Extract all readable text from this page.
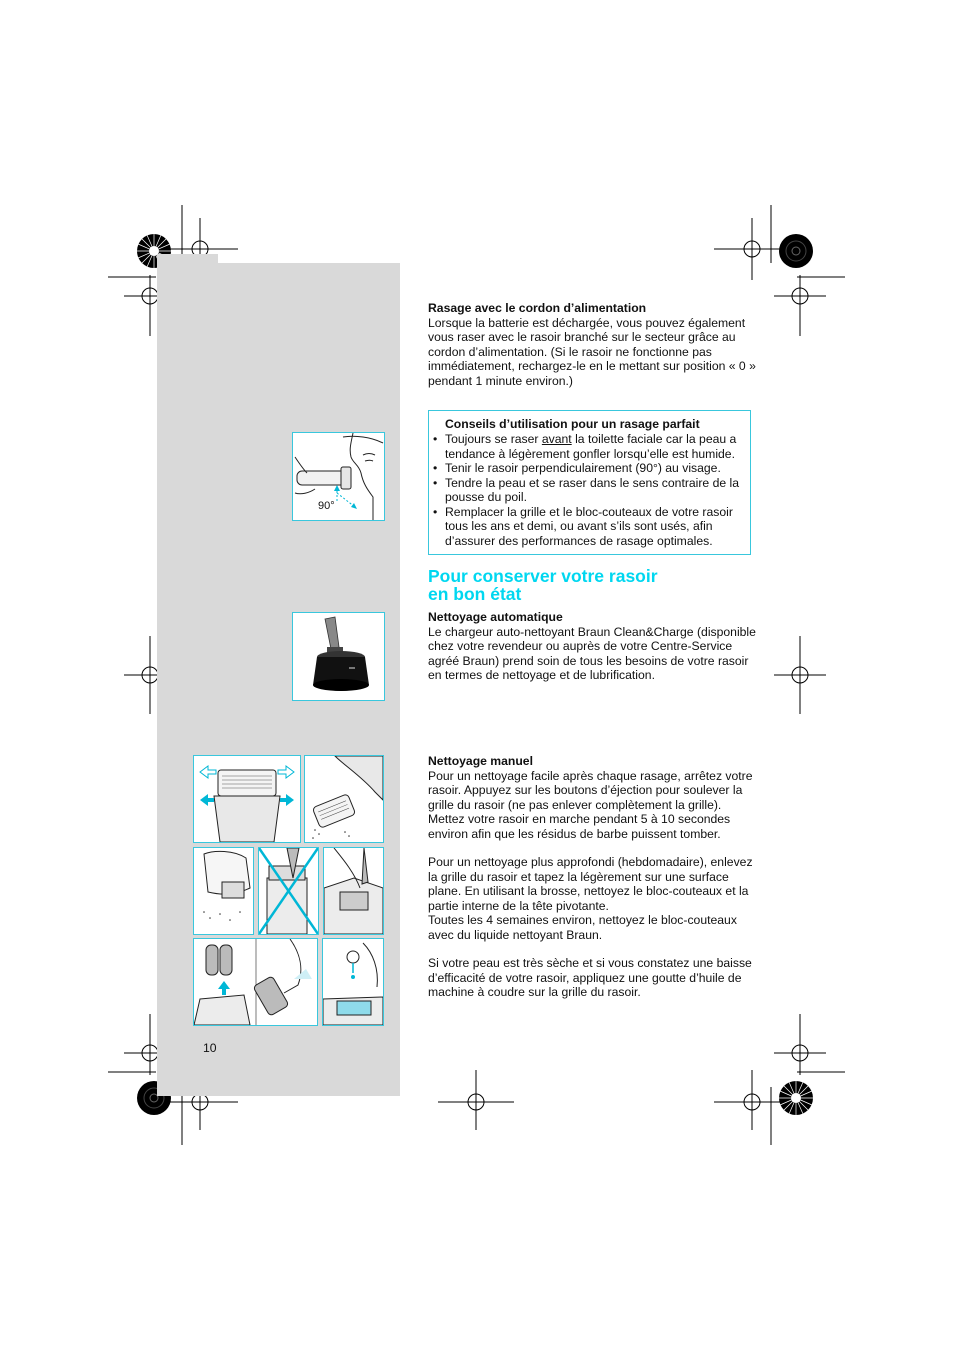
90°
10

Rasage avec le cordon d’alimentation

Lorsque la batterie est déchargée, vous pouvez également vous raser avec le rasoir branché sur le secteur grâce au cordon d’alimentation. (Si le rasoir ne fonctionne pas immédiatement, rechargez-le en le mettant sur position « 0 » pendant 1 minute environ.)

Conseils d’utilisation pour un rasage parfait
• Toujours se raser avant la toilette faciale car la peau a tendance à légèrement gonfler lorsqu’elle est humide.
• Tenir le rasoir perpendiculairement (90°) au visage.
• Tendre la peau et se raser dans le sens contraire de la pousse du poil.
• Remplacer la grille et le bloc-couteaux de votre rasoir tous les ans et demi, ou avant s’ils sont usés, afin d’assurer des performances de rasage optimales.
Pour conserver votre rasoir
en bon état

Nettoyage automatique

Le chargeur auto-nettoyant Braun Clean&Charge (disponible chez votre revendeur ou auprès de votre Centre-Service agréé Braun) prend soin de tous les besoins de votre rasoir en termes de nettoyage et de lubrification.

Nettoyage manuel

Pour un nettoyage facile après chaque rasage, arrêtez votre rasoir. Appuyez sur les boutons d’éjection pour soulever la grille du rasoir (ne pas enlever complètement la grille). Mettez votre rasoir en marche pendant 5 à 10 secondes environ afin que les résidus de barbe puissent tomber.

Pour un nettoyage plus approfondi (hebdomadaire), enlevez la grille du rasoir et tapez la légèrement sur une surface plane. En utilisant la brosse, nettoyez le bloc-couteaux et la partie interne de la tête pivotante.

Toutes les 4 semaines environ, nettoyez le bloc-couteaux avec du liquide nettoyant Braun.

Si votre peau est très sèche et si vous constatez une baisse d’efficacité de votre rasoir, appliquez une goutte d’huile de machine à coudre sur la grille du rasoir.
